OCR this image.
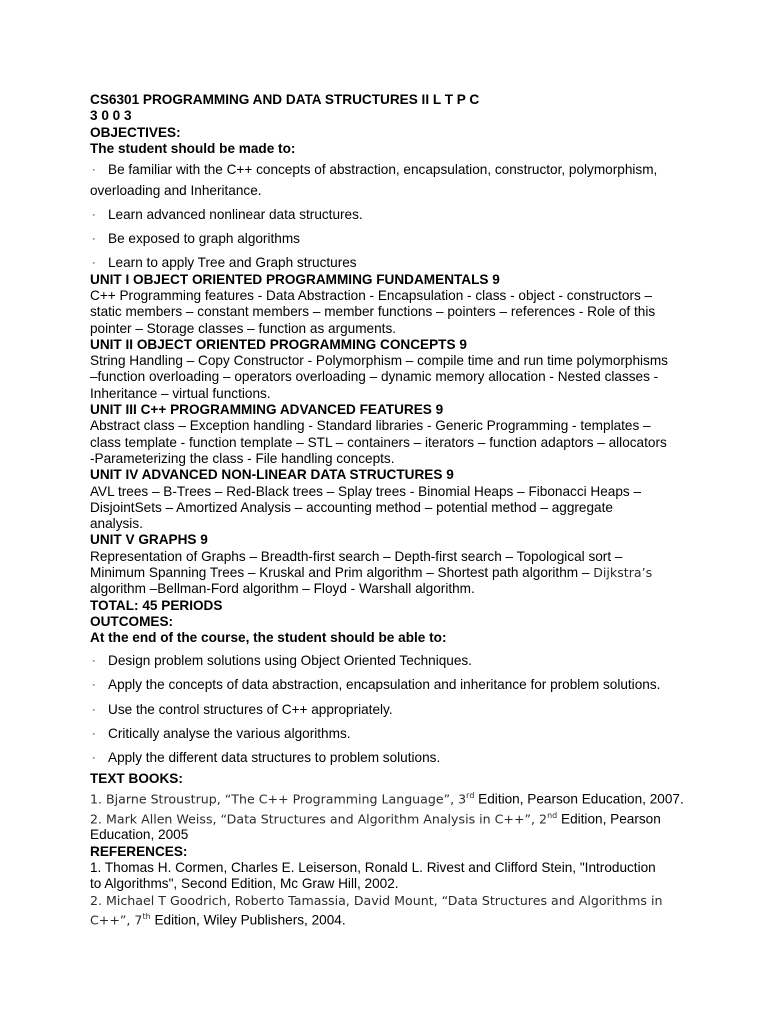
CS6301 PROGRAMMING AND DATA STRUCTURES II L T P C
3 0 0 3
OBJECTIVES:
The student should be made to:
· Be familiar with the C++ concepts of abstraction, encapsulation, constructor, polymorphism,
overloading and Inheritance.
· Learn advanced nonlinear data structures.
· Be exposed to graph algorithms
· Learn to apply Tree and Graph structures
UNIT I OBJECT ORIENTED PROGRAMMING FUNDAMENTALS 9
C++ Programming features - Data Abstraction - Encapsulation - class - object - constructors –
static members – constant members – member functions – pointers – references - Role of this
pointer – Storage classes – function as arguments.
UNIT II OBJECT ORIENTED PROGRAMMING CONCEPTS 9
String Handling – Copy Constructor - Polymorphism – compile time and run time polymorphisms
–function overloading – operators overloading – dynamic memory allocation - Nested classes -
Inheritance – virtual functions.
UNIT III C++ PROGRAMMING ADVANCED FEATURES 9
Abstract class – Exception handling - Standard libraries - Generic Programming - templates –
class template - function template – STL – containers – iterators – function adaptors – allocators
-Parameterizing the class - File handling concepts.
UNIT IV ADVANCED NON-LINEAR DATA STRUCTURES 9
AVL trees – B-Trees – Red-Black trees – Splay trees - Binomial Heaps – Fibonacci Heaps –
DisjointSets – Amortized Analysis – accounting method – potential method – aggregate
analysis.
UNIT V GRAPHS 9
Representation of Graphs – Breadth-first search – Depth-first search – Topological sort –
Minimum Spanning Trees – Kruskal and Prim algorithm – Shortest path algorithm – Dijkstra’s
algorithm –Bellman-Ford algorithm – Floyd - Warshall algorithm.
TOTAL: 45 PERIODS
OUTCOMES:
At the end of the course, the student should be able to:
· Design problem solutions using Object Oriented Techniques.
· Apply the concepts of data abstraction, encapsulation and inheritance for problem solutions.
· Use the control structures of C++ appropriately.
· Critically analyse the various algorithms.
· Apply the different data structures to problem solutions.
TEXT BOOKS:
1. Bjarne Stroustrup, “The C++ Programming Language”, 3rd Edition, Pearson Education, 2007.
2. Mark Allen Weiss, “Data Structures and Algorithm Analysis in C++”, 2nd Edition, Pearson
Education, 2005
REFERENCES:
1. Thomas H. Cormen, Charles E. Leiserson, Ronald L. Rivest and Clifford Stein, "Introduction
to Algorithms", Second Edition, Mc Graw Hill, 2002.
2. Michael T Goodrich, Roberto Tamassia, David Mount, “Data Structures and Algorithms in
C++”, 7th Edition, Wiley Publishers, 2004.
